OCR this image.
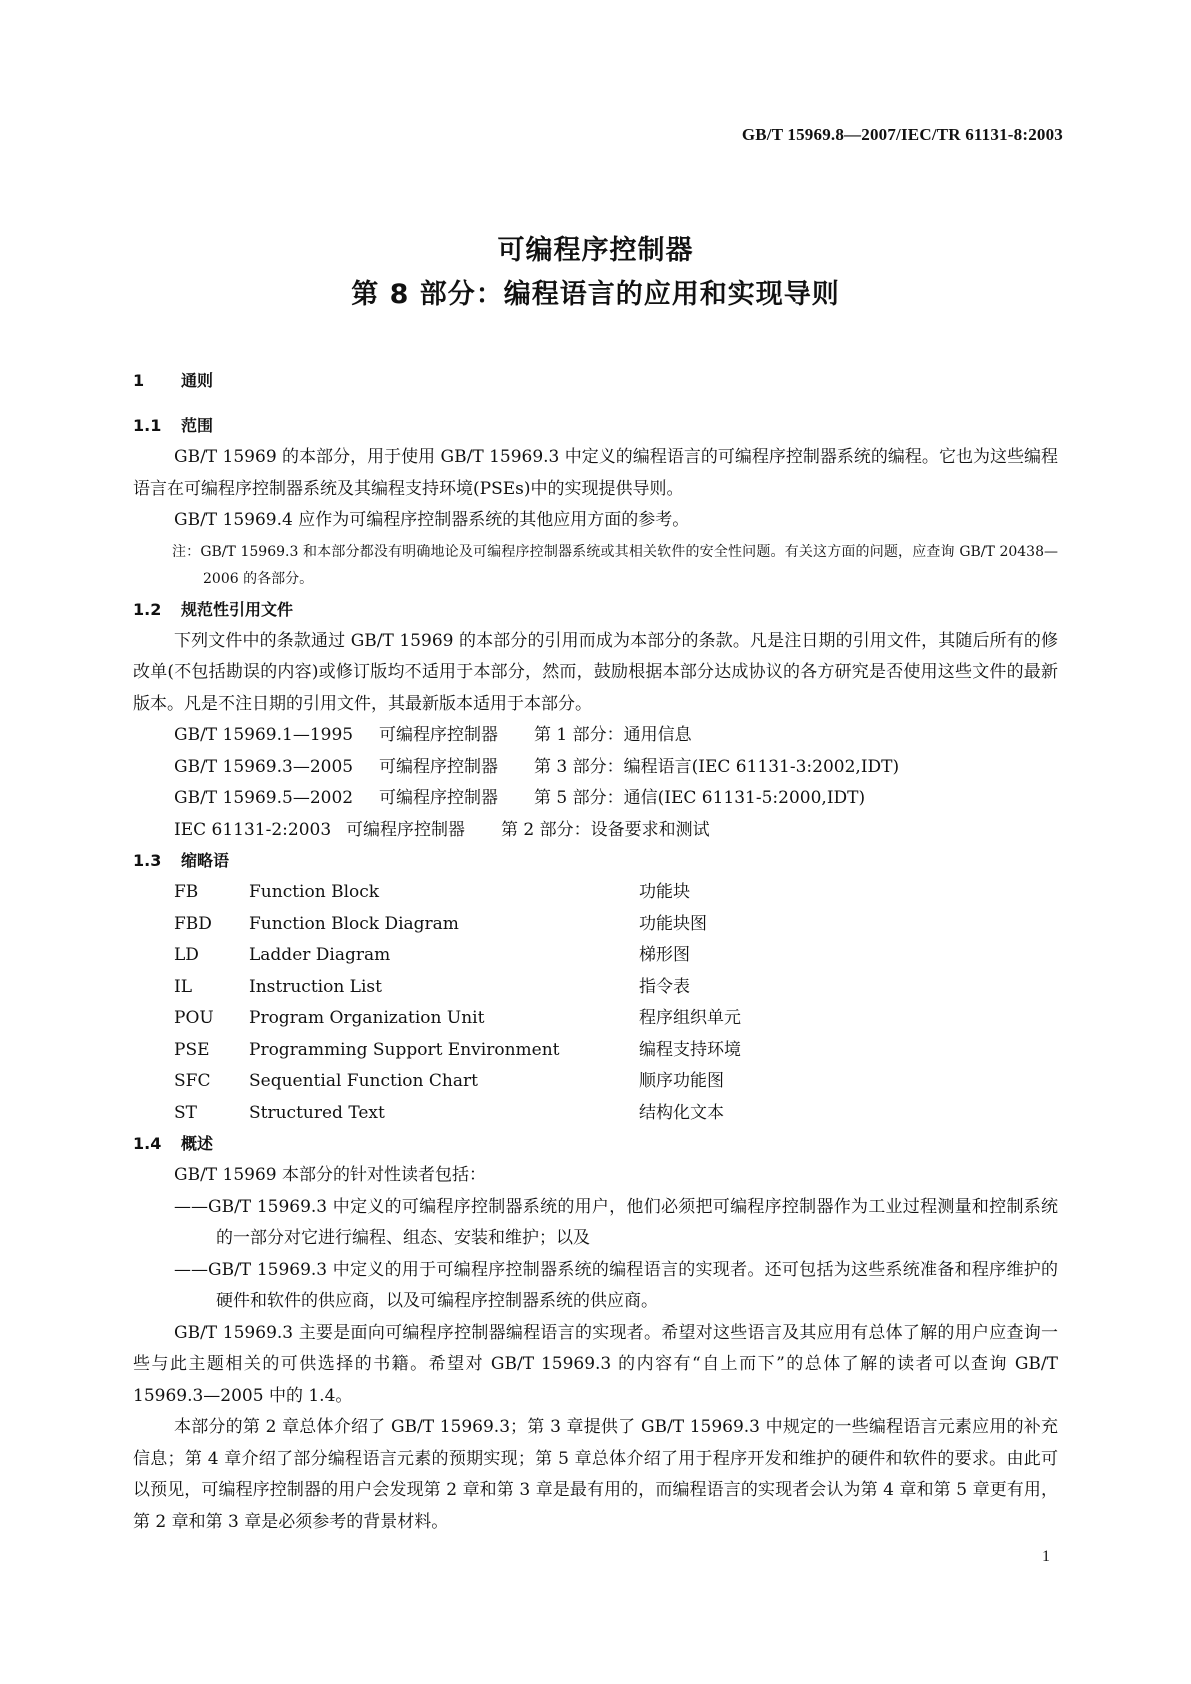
GB/T 15969.8—2007/IEC/TR 61131-8:2003
可编程序控制器
第 8 部分：编程语言的应用和实现导则
1 通则
1.1 范围

GB/T 15969 的本部分，用于使用 GB/T 15969.3 中定义的编程语言的可编程序控制器系统的编程。它也为这些编程语言在可编程序控制器系统及其编程支持环境(PSEs)中的实现提供导则。

GB/T 15969.4 应作为可编程序控制器系统的其他应用方面的参考。

注：GB/T 15969.3 和本部分都没有明确地论及可编程序控制器系统或其相关软件的安全性问题。有关这方面的问题，应查询 GB/T 20438—2006 的各部分。

1.2 规范性引用文件

下列文件中的条款通过 GB/T 15969 的本部分的引用而成为本部分的条款。凡是注日期的引用文件，其随后所有的修改单(不包括勘误的内容)或修订版均不适用于本部分，然而，鼓励根据本部分达成协议的各方研究是否使用这些文件的最新版本。凡是不注日期的引用文件，其最新版本适用于本部分。

GB/T 15969.1—1995 可编程序控制器 第 1 部分：通用信息
GB/T 15969.3—2005 可编程序控制器 第 3 部分：编程语言(IEC 61131-3:2002,IDT)
GB/T 15969.5—2002 可编程序控制器 第 5 部分：通信(IEC 61131-5:2000,IDT)
IEC 61131-2:2003 可编程序控制器 第 2 部分：设备要求和测试
1.3 缩略语
FB	Function Block	功能块
FBD	Function Block Diagram	功能块图
LD	Ladder Diagram	梯形图
IL	Instruction List	指令表
POU	Program Organization Unit	程序组织单元
PSE	Programming Support Environment	编程支持环境
SFC	Sequential Function Chart	顺序功能图
ST	Structured Text	结构化文本
1.4 概述

GB/T 15969 本部分的针对性读者包括：

——GB/T 15969.3 中定义的可编程序控制器系统的用户，他们必须把可编程序控制器作为工业过程测量和控制系统的一部分对它进行编程、组态、安装和维护；以及
——GB/T 15969.3 中定义的用于可编程序控制器系统的编程语言的实现者。还可包括为这些系统准备和程序维护的硬件和软件的供应商，以及可编程序控制器系统的供应商。

GB/T 15969.3 主要是面向可编程序控制器编程语言的实现者。希望对这些语言及其应用有总体了解的用户应查询一些与此主题相关的可供选择的书籍。希望对 GB/T 15969.3 的内容有“自上而下”的总体了解的读者可以查询 GB/T 15969.3—2005 中的 1.4。

本部分的第 2 章总体介绍了 GB/T 15969.3；第 3 章提供了 GB/T 15969.3 中规定的一些编程语言元素应用的补充信息；第 4 章介绍了部分编程语言元素的预期实现；第 5 章总体介绍了用于程序开发和维护的硬件和软件的要求。由此可以预见，可编程序控制器的用户会发现第 2 章和第 3 章是最有用的，而编程语言的实现者会认为第 4 章和第 5 章更有用，第 2 章和第 3 章是必须参考的背景材料。

1
